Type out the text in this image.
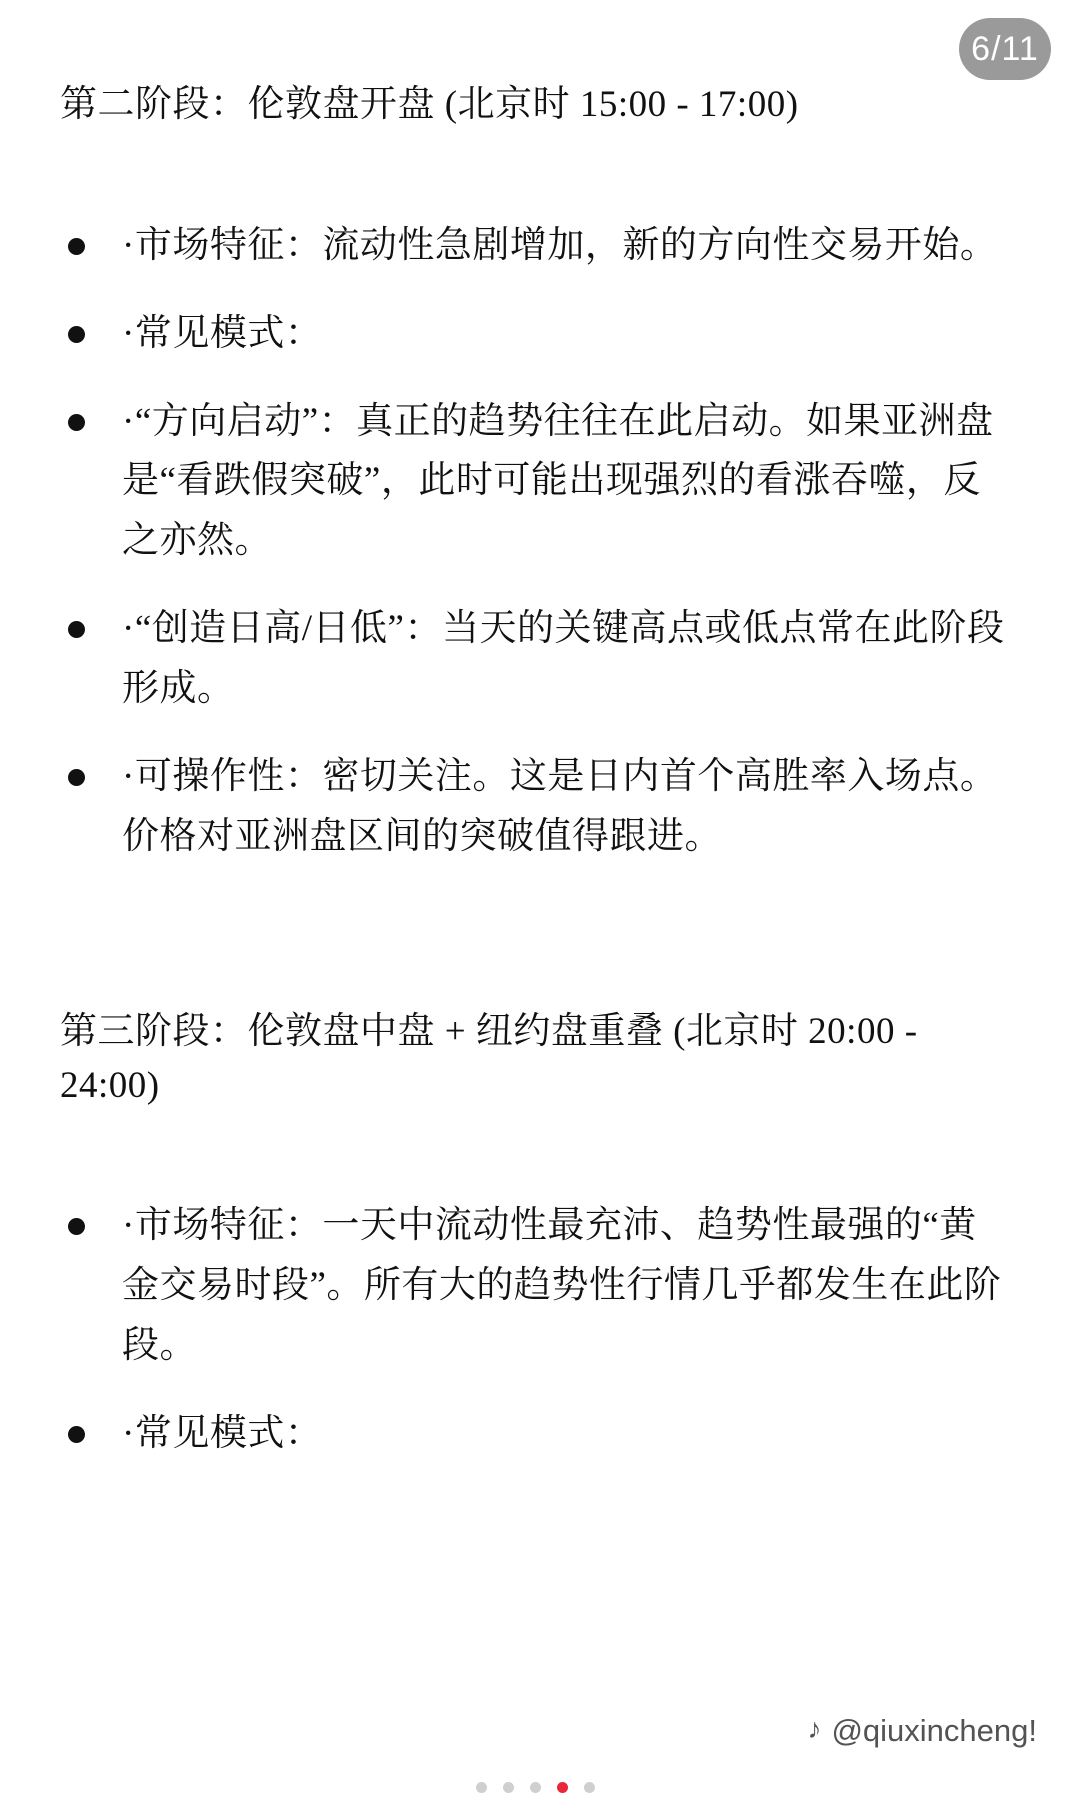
6/11
第二阶段：伦敦盘开盘 (北京时 15:00 - 17:00)
·市场特征：流动性急剧增加，新的方向性交易开始。
·常见模式：
·“方向启动”：真正的趋势往往在此启动。如果亚洲盘是“看跌假突破”，此时可能出现强烈的看涨吞噬，反之亦然。
·“创造日高/日低”：当天的关键高点或低点常在此阶段形成。
·可操作性：密切关注。这是日内首个高胜率入场点。价格对亚洲盘区间的突破值得跟进。
第三阶段：伦敦盘中盘 + 纽约盘重叠 (北京时 20:00 - 24:00)
·市场特征：一天中流动性最充沛、趋势性最强的“黄金交易时段”。所有大的趋势性行情几乎都发生在此阶段。
·常见模式：
♪ @qiuxincheng!
